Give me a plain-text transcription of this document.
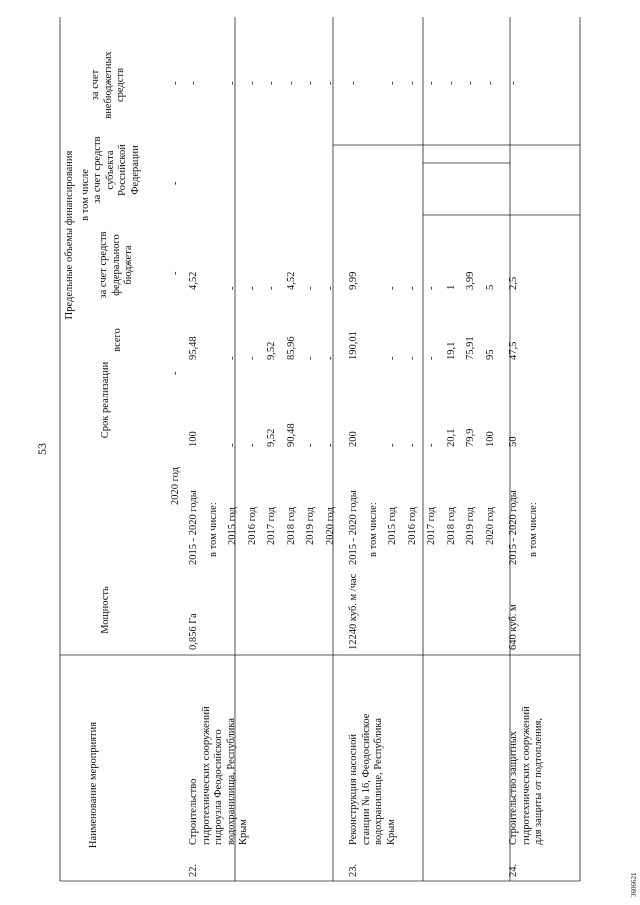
53
Наименование мероприятия
Мощность
Срок реализации
Предельные объемы финансирования
всего
в том числе
за счет средств федерального бюджета
за счет средств субъекта Российской Федерации
за счет внебюджетных средств
2020 год
-
-
-
-
22.
Строительство гидротехнических сооружений гидроузла Феодосийского водохранилища, Республика Крым
0,856 Га
2015 - 2020 годы
100
95,48
4,52
-
в том числе: 2015 год
-
-
-
-
2016 год
-
-
-
-
2017 год
9,52
9,52
-
-
2018 год
90,48
85,96
4,52
-
2019 год
-
-
-
-
2020 год
-
-
-
-
23.
Реконструкция насосной станции № 16, Феодосийское водохранилище, Республика Крым
12240 куб. м /час
2015 - 2020 годы
200
190,01
9,99
-
в том числе: 2015 год
-
-
-
-
2016 год
-
-
-
-
2017 год
-
-
-
-
2018 год
20,1
19,1
1
-
2019 год
79,9
75,91
3,99
-
2020 год
100
95
5
-
24.
Строительство защитных гидротехнических сооружений для защиты от подтопления,
640 куб. м
2015 - 2020 годы
50
47,5
2,5
-
в том числе:
3606621
